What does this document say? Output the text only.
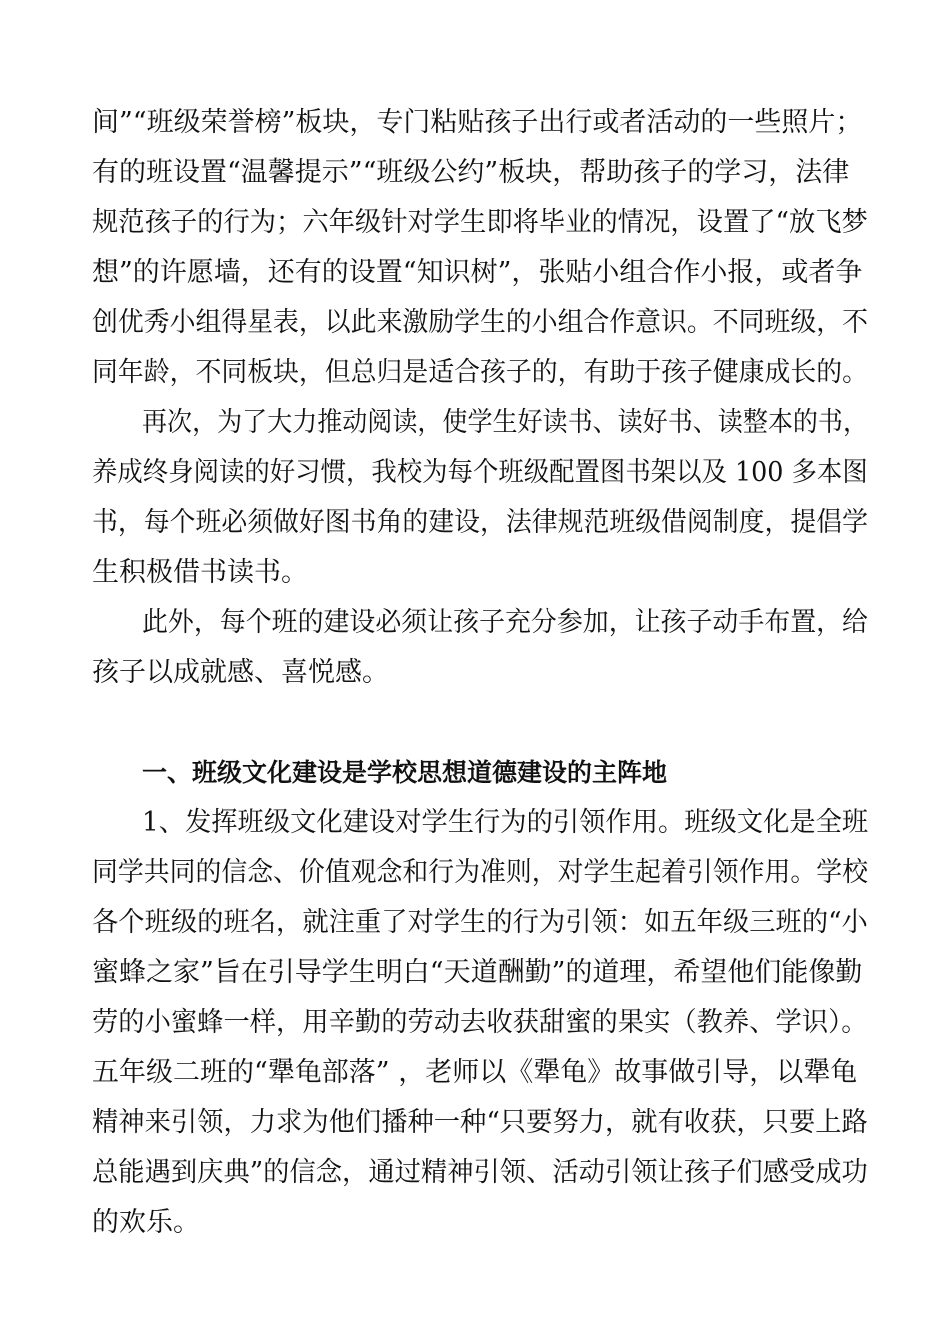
间”“班级荣誉榜”板块，专门粘贴孩子出行或者活动的一些照片；
有的班设置“温馨提示”“班级公约”板块，帮助孩子的学习，法律
规范孩子的行为；六年级针对学生即将毕业的情况，设置了“放飞梦
想”的许愿墙，还有的设置“知识树”，张贴小组合作小报，或者争
创优秀小组得星表，以此来激励学生的小组合作意识。不同班级，不
同年龄，不同板块，但总归是适合孩子的，有助于孩子健康成长的。
再次，为了大力推动阅读，使学生好读书、读好书、读整本的书，
养成终身阅读的好习惯，我校为每个班级配置图书架以及 100 多本图
书，每个班必须做好图书角的建设，法律规范班级借阅制度，提倡学
生积极借书读书。
此外，每个班的建设必须让孩子充分参加，让孩子动手布置，给
孩子以成就感、喜悦感。
一、班级文化建设是学校思想道德建设的主阵地
1、发挥班级文化建设对学生行为的引领作用。班级文化是全班
同学共同的信念、价值观念和行为准则，对学生起着引领作用。学校
各个班级的班名，就注重了对学生的行为引领：如五年级三班的“小
蜜蜂之家”旨在引导学生明白“天道酬勤”的道理，希望他们能像勤
劳的小蜜蜂一样，用辛勤的劳动去收获甜蜜的果实（教养、学识）。
五年级二班的“犟龟部落” ，老师以《犟龟》故事做引导，以犟龟
精神来引领，力求为他们播种一种“只要努力，就有收获，只要上路
总能遇到庆典”的信念，通过精神引领、活动引领让孩子们感受成功
的欢乐。
